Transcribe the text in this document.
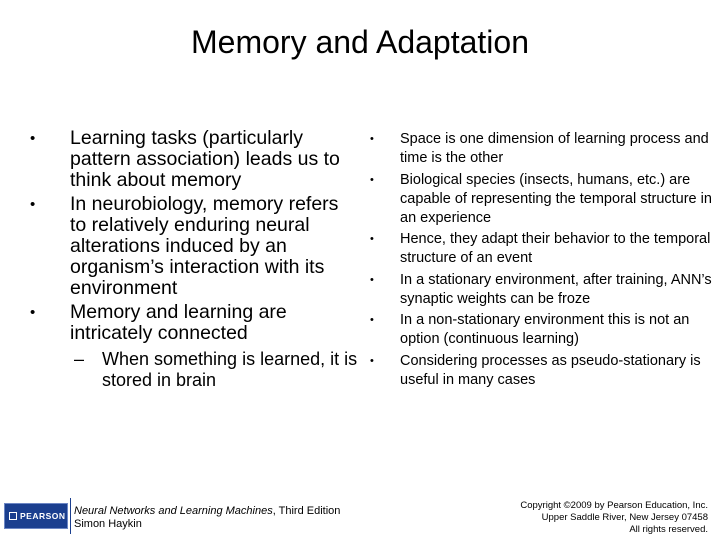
Memory and Adaptation
• Learning tasks (particularly pattern association) leads us to think about memory
• In neurobiology, memory refers to relatively enduring neural alterations induced by an organism’s interaction with its environment
• Memory and learning are intricately connected
– When something is learned, it is stored in brain
• Space is one dimension of learning process and time is the other
• Biological species (insects, humans, etc.) are capable of representing the temporal structure in an experience
• Hence, they adapt their behavior to the temporal structure of an event
• In a stationary environment, after training, ANN’s synaptic weights can be froze
• In a non-stationary environment this is not an option (continuous learning)
• Considering processes as pseudo-stationary is useful in many cases
PEARSON Neural Networks and Learning Machines, Third Edition
Simon Haykin
Copyright ©2009 by Pearson Education, Inc.
Upper Saddle River, New Jersey 07458
All rights reserved.
